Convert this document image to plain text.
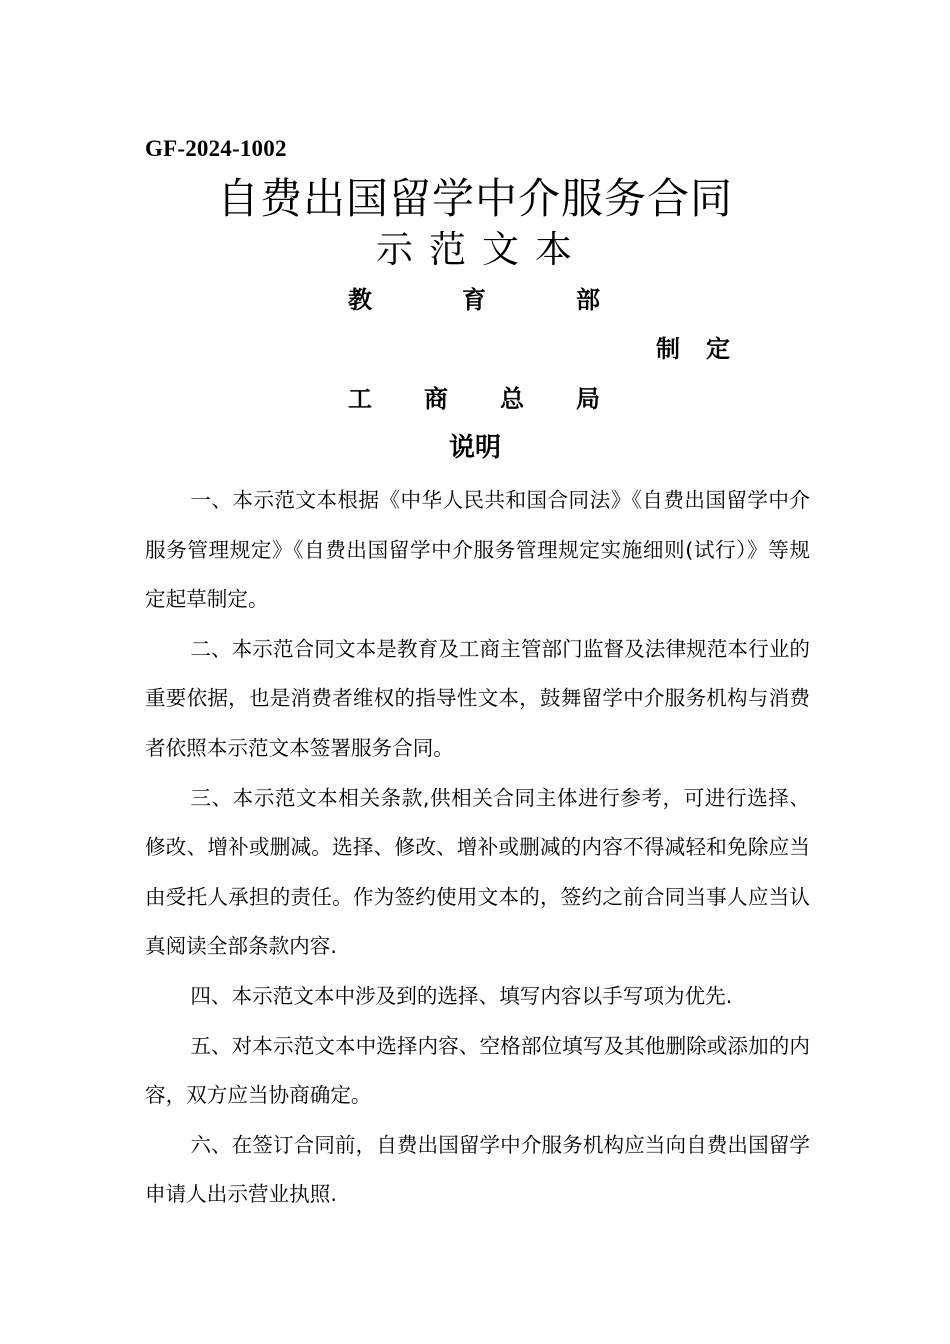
GF-2024-1002
自费出国留学中介服务合同
示范文本
教育部
制定
工商总局
说明

一、本示范文本根据《中华人民共和国合同法》《自费出国留学中介服务管理规定》《自费出国留学中介服务管理规定实施细则(试行）》等规定起草制定。

二、本示范合同文本是教育及工商主管部门监督及法律规范本行业的重要依据，也是消费者维权的指导性文本，鼓舞留学中介服务机构与消费者依照本示范文本签署服务合同。

三、本示范文本相关条款,供相关合同主体进行参考，可进行选择、修改、增补或删减。选择、修改、增补或删减的内容不得减轻和免除应当由受托人承担的责任。作为签约使用文本的，签约之前合同当事人应当认真阅读全部条款内容.

四、本示范文本中涉及到的选择、填写内容以手写项为优先.

五、对本示范文本中选择内容、空格部位填写及其他删除或添加的内容，双方应当协商确定。

六、在签订合同前，自费出国留学中介服务机构应当向自费出国留学申请人出示营业执照.
